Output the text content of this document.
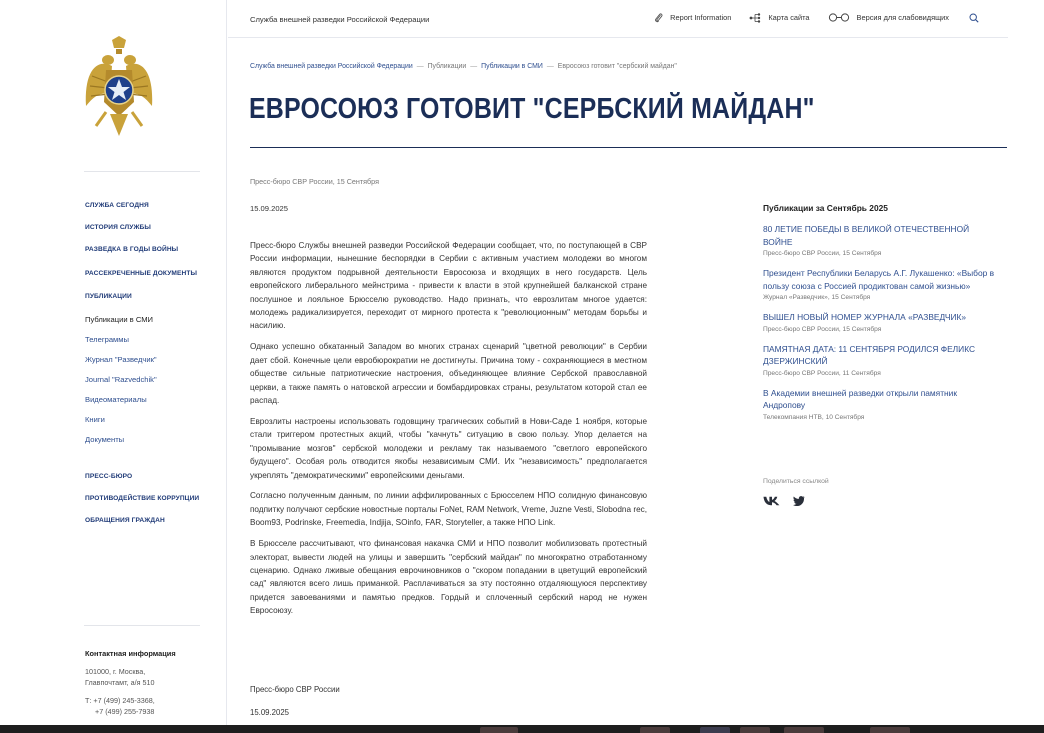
СЛУЖБА СЕГОДНЯ
ИСТОРИЯ СЛУЖБЫ
РАЗВЕДКА В ГОДЫ ВОЙНЫ
РАССЕКРЕЧЕННЫЕ ДОКУМЕНТЫ
ПУБЛИКАЦИИ
Публикации в СМИ
Телеграммы
Журнал "Разведчик"
Journal "Razvedchik"
Видеоматериалы
Книги
Документы
ПРЕСС-БЮРО
ПРОТИВОДЕЙСТВИЕ КОРРУПЦИИ
ОБРАЩЕНИЯ ГРАЖДАН
Контактная информация
101000, г. Москва,
Главпочтамт, а/я 510
Т: +7 (499) 245-3368,
+7 (499) 255-7938
Служба внешней разведки Российской Федерации	Report Information	Карта сайта	Версия для слабовидящих
Служба внешней разведки Российской Федерации — Публикации — Публикации в СМИ — Евросоюз готовит "сербский майдан"
ЕВРОСОЮЗ ГОТОВИТ "СЕРБСКИЙ МАЙДАН"
Пресс-бюро СВР России, 15 Сентября
15.09.2025

Пресс-бюро Службы внешней разведки Российской Федерации сообщает, что, по поступающей в СВР России информации, нынешние беспорядки в Сербии с активным участием молодежи во многом являются продуктом подрывной деятельности Евросоюза и входящих в него государств. Цель европейского либерального мейнстрима - привести к власти в этой крупнейшей балканской стране послушное и лояльное Брюсселю руководство. Надо признать, что еврозлитам многое удается: молодежь радикализируется, переходит от мирного протеста к "революционным" методам борьбы и насилию.

Однако успешно обкатанный Западом во многих странах сценарий "цветной революции" в Сербии дает сбой. Конечные цели евробюрократии не достигнуты. Причина тому - сохраняющиеся в местном обществе сильные патриотические настроения, объединяющее влияние Сербской православной церкви, а также память о натовской агрессии и бомбардировках страны, результатом которой стал ее распад.

Еврозлиты настроены использовать годовщину трагических событий в Нови-Саде 1 ноября, которые стали триггером протестных акций, чтобы "качнуть" ситуацию в свою пользу. Упор делается на "промывание мозгов" сербской молодежи и рекламу так называемого "светлого европейского будущего". Особая роль отводится якобы независимым СМИ. Их "независимость" предполагается укреплять "демократическими" европейскими деньгами.

Согласно полученным данным, по линии аффилированных с Брюсселем НПО солидную финансовую подпитку получают сербские новостные порталы FoNet, RAM Network, Vreme, Juzne Vesti, Slobodna rec, Boom93, Podrinske, Freemedia, Indjija, SOinfo, FAR, Storyteller, а также НПО Link.

В Брюсселе рассчитывают, что финансовая накачка СМИ и НПО позволит мобилизовать протестный электорат, вывести людей на улицы и завершить "сербский майдан" по многократно отработанному сценарию. Однако лживые обещания еврочиновников о "скором попадании в цветущий европейский сад" являются всего лишь приманкой. Расплачиваться за эту постоянно отдаляющуюся перспективу придется завоеваниями и памятью предков. Гордый и сплоченный сербский народ не нужен Евросоюзу.

Пресс-бюро СВР России
15.09.2025
Публикации за Сентябрь 2025
80 ЛЕТИЕ ПОБЕДЫ В ВЕЛИКОЙ ОТЕЧЕСТВЕННОЙ ВОЙНЕ
Пресс-бюро СВР России, 15 Сентября
Президент Республики Беларусь А.Г. Лукашенко: «Выбор в пользу союза с Россией продиктован самой жизнью»
Журнал «Разведчик», 15 Сентября
ВЫШЕЛ НОВЫЙ НОМЕР ЖУРНАЛА «РАЗВЕДЧИК»
Пресс-бюро СВР России, 15 Сентября
ПАМЯТНАЯ ДАТА: 11 СЕНТЯБРЯ РОДИЛСЯ ФЕЛИКС ДЗЕРЖИНСКИЙ
Пресс-бюро СВР России, 11 Сентября
В Академии внешней разведки открыли памятник Андропову
Телекомпания НТВ, 10 Сентября
Поделиться ссылкой
